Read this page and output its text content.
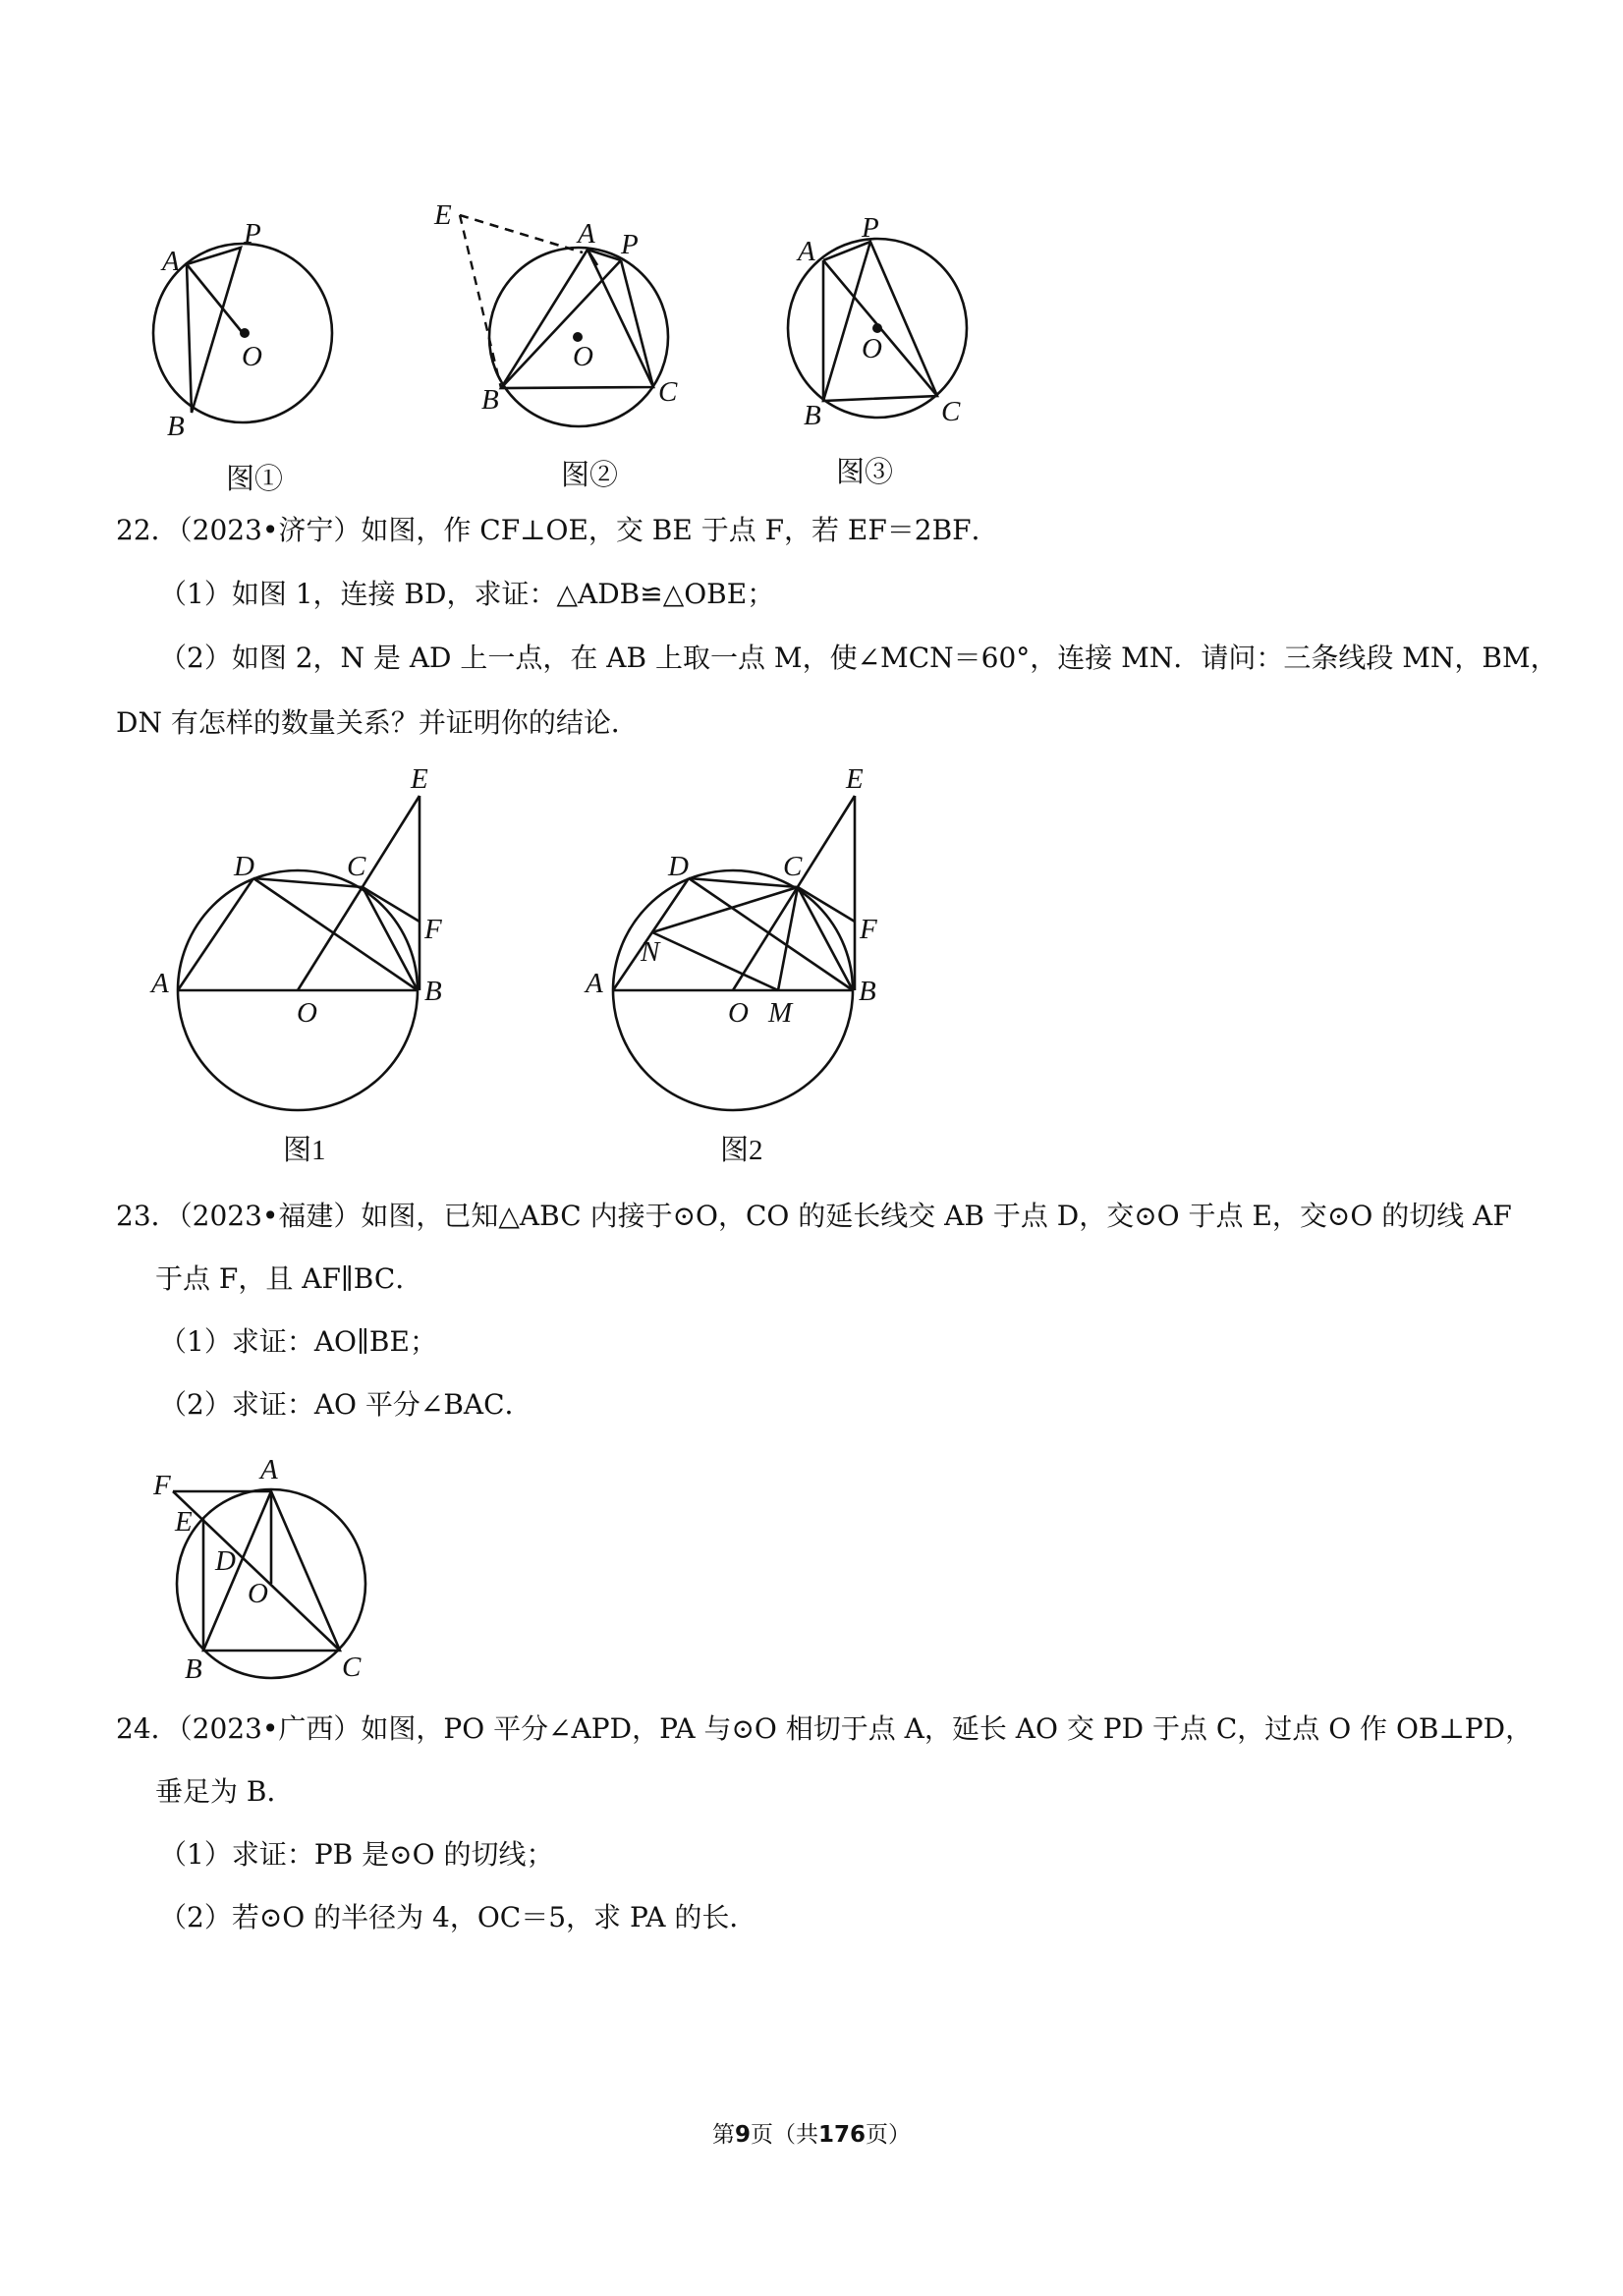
A
P
O
B
图①
E
A P
O
B	C
图②
A
P
O
B	C
图③
22．（2023•济宁）如图，作 CF⊥OE，交 BE 于点 F，若 EF＝2BF．
（1）如图 1，连接 BD，求证：△ADB≌△OBE；
（2）如图 2，N 是 AD 上一点，在 AB 上取一点 M，使∠MCN＝60°，连接 MN．请问：三条线段 MN，BM，
DN 有怎样的数量关系？并证明你的结论．
E
D	C
F
A
O
B
图1
E
D	C
F
N
A
O M
B
图2
23．（2023•福建）如图，已知△ABC 内接于⊙O，CO 的延长线交 AB 于点 D，交⊙O 于点 E，交⊙O 的切线 AF
于点 F，且 AF∥BC．
（1）求证：AO∥BE；
（2）求证：AO 平分∠BAC．
F	A
E
D
O
B	C
24．（2023•广西）如图，PO 平分∠APD，PA 与⊙O 相切于点 A，延长 AO 交 PD 于点 C，过点 O 作 OB⊥PD，
垂足为 B．
（1）求证：PB 是⊙O 的切线；
（2）若⊙O 的半径为 4，OC＝5，求 PA 的长．
第9页（共176页）
